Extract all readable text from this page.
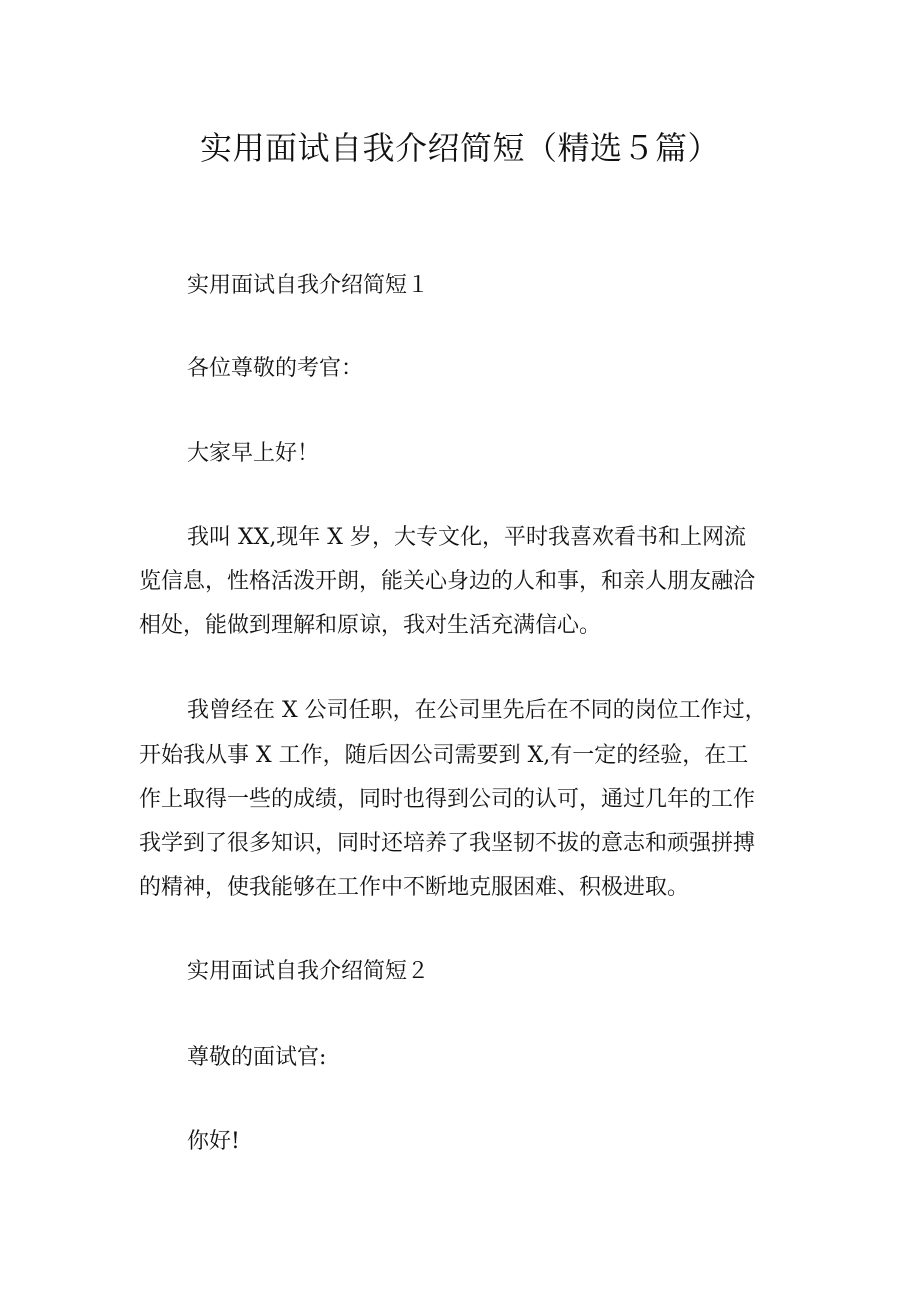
实用面试自我介绍简短（精选５篇）
实用面试自我介绍简短１
各位尊敬的考官：
大家早上好！
我叫 XX,现年 X 岁，大专文化，平时我喜欢看书和上网流
览信息，性格活泼开朗，能关心身边的人和事，和亲人朋友融洽
相处，能做到理解和原谅，我对生活充满信心。
我曾经在 X 公司任职，在公司里先后在不同的岗位工作过，
开始我从事 X 工作，随后因公司需要到 X,有一定的经验，在工
作上取得一些的成绩，同时也得到公司的认可，通过几年的工作
我学到了很多知识，同时还培养了我坚韧不拔的意志和顽强拼搏
的精神，使我能够在工作中不断地克服困难、积极进取。
实用面试自我介绍简短２
尊敬的面试官:
你好!
